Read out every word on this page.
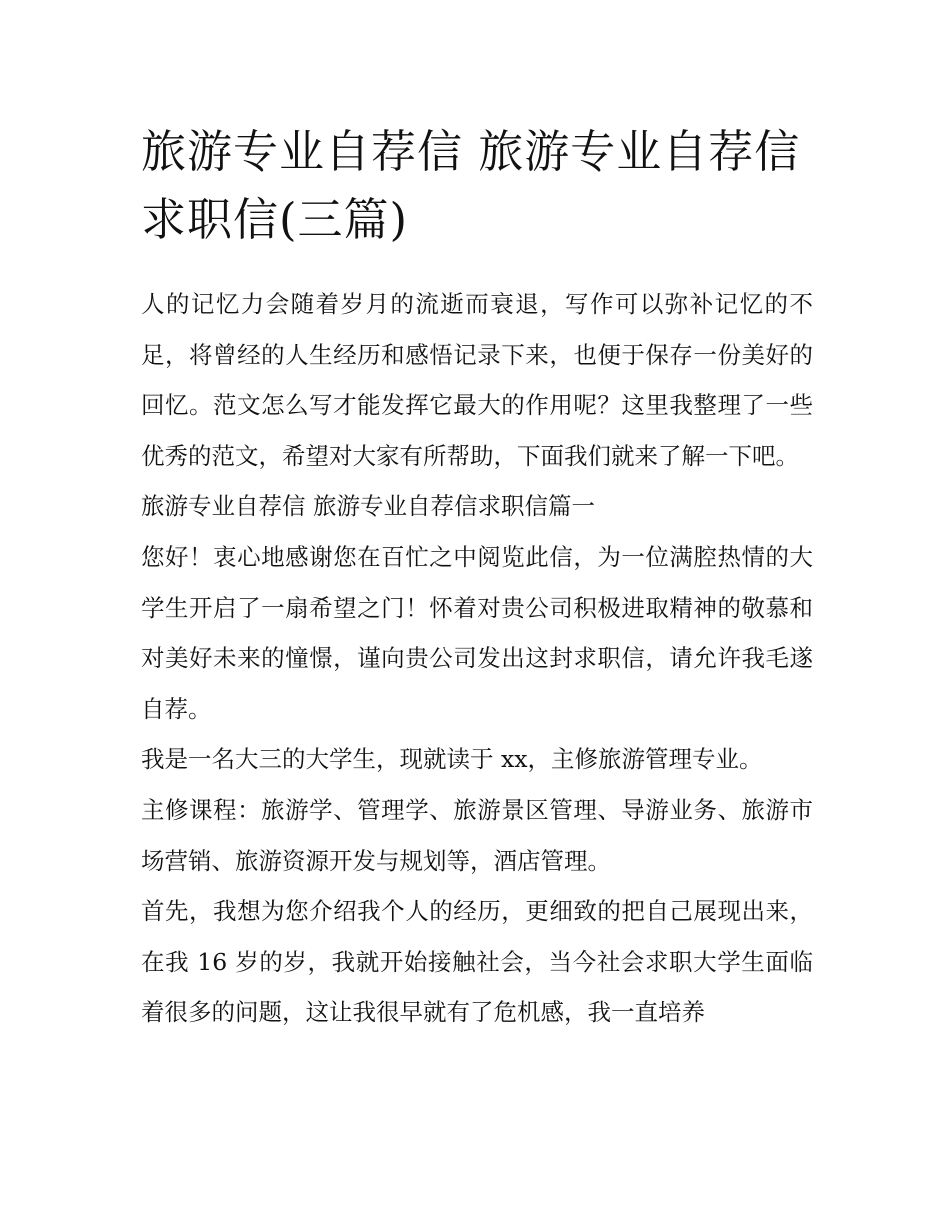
旅游专业自荐信 旅游专业自荐信求职信(三篇)

人的记忆力会随着岁月的流逝而衰退，写作可以弥补记忆的不足，将曾经的人生经历和感悟记录下来，也便于保存一份美好的回忆。范文怎么写才能发挥它最大的作用呢？这里我整理了一些优秀的范文，希望对大家有所帮助，下面我们就来了解一下吧。

旅游专业自荐信 旅游专业自荐信求职信篇一

您好！衷心地感谢您在百忙之中阅览此信，为一位满腔热情的大学生开启了一扇希望之门！怀着对贵公司积极进取精神的敬慕和对美好未来的憧憬，谨向贵公司发出这封求职信，请允许我毛遂自荐。

我是一名大三的大学生，现就读于 xx，主修旅游管理专业。

主修课程：旅游学、管理学、旅游景区管理、导游业务、旅游市场营销、旅游资源开发与规划等，酒店管理。

首先，我想为您介绍我个人的经历，更细致的把自己展现出来，在我 16 岁的岁，我就开始接触社会，当今社会求职大学生面临着很多的问题，这让我很早就有了危机感，我一直培养
